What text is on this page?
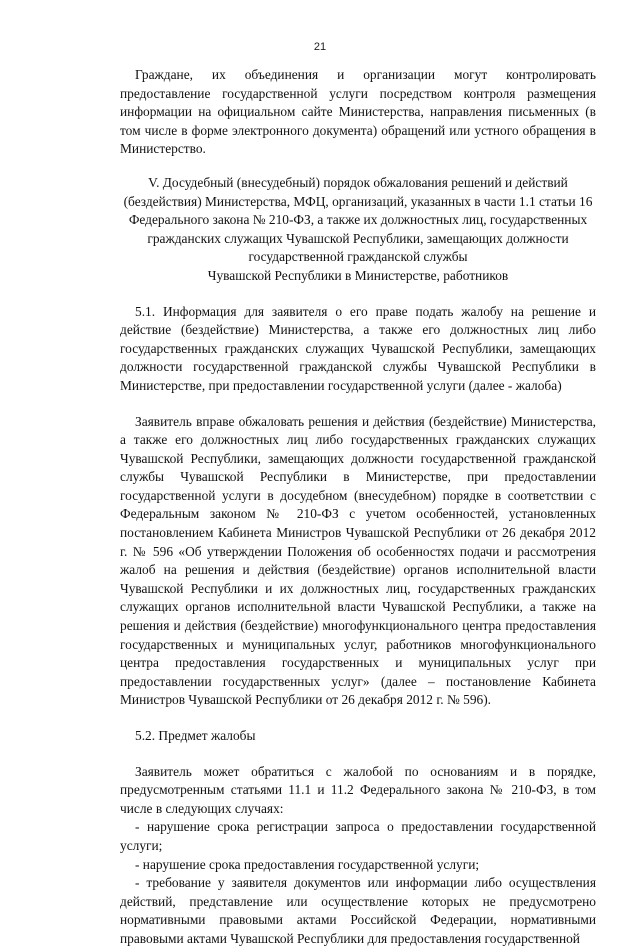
21

Граждане, их объединения и организации могут контролировать предоставление государственной услуги посредством контроля размещения информации на официальном сайте Министерства, направления письменных (в том числе в форме электронного документа) обращений или устного обращения в Министерство.

V. Досудебный (внесудебный) порядок обжалования решений и действий
(бездействия) Министерства, МФЦ, организаций, указанных в части 1.1 статьи 16
Федерального закона № 210-ФЗ, а также их должностных лиц, государственных
гражданских служащих Чувашской Республики, замещающих должности
государственной гражданской службы
Чувашской Республики в Министерстве, работников

5.1. Информация для заявителя о его праве подать жалобу на решение и действие (бездействие) Министерства, а также его должностных лиц либо государственных гражданских служащих Чувашской Республики, замещающих должности государственной гражданской службы Чувашской Республики в Министерстве, при предоставлении государственной услуги (далее - жалоба)

Заявитель вправе обжаловать решения и действия (бездействие) Министерства, а также его должностных лиц либо государственных гражданских служащих Чувашской Республики, замещающих должности государственной гражданской службы Чувашской Республики в Министерстве, при предоставлении государственной услуги в досудебном (внесудебном) порядке в соответствии с Федеральным законом № 210-ФЗ с учетом особенностей, установленных постановлением Кабинета Министров Чувашской Республики от 26 декабря 2012 г. № 596 «Об утверждении Положения об особенностях подачи и рассмотрения жалоб на решения и действия (бездействие) органов исполнительной власти Чувашской Республики и их должностных лиц, государственных гражданских служащих органов исполнительной власти Чувашской Республики, а также на решения и действия (бездействие) многофункционального центра предоставления государственных и муниципальных услуг, работников многофункционального центра предоставления государственных и муниципальных услуг при предоставлении государственных услуг» (далее – постановление Кабинета Министров Чувашской Республики от 26 декабря 2012 г. № 596).

5.2. Предмет жалобы

Заявитель может обратиться с жалобой по основаниям и в порядке, предусмотренным статьями 11.1 и 11.2 Федерального закона № 210-ФЗ, в том числе в следующих случаях:

- нарушение срока регистрации запроса о предоставлении государственной услуги;

- нарушение срока предоставления государственной услуги;

- требование у заявителя документов или информации либо осуществления действий, представление или осуществление которых не предусмотрено нормативными правовыми актами Российской Федерации, нормативными правовыми актами Чувашской Республики для предоставления государственной
